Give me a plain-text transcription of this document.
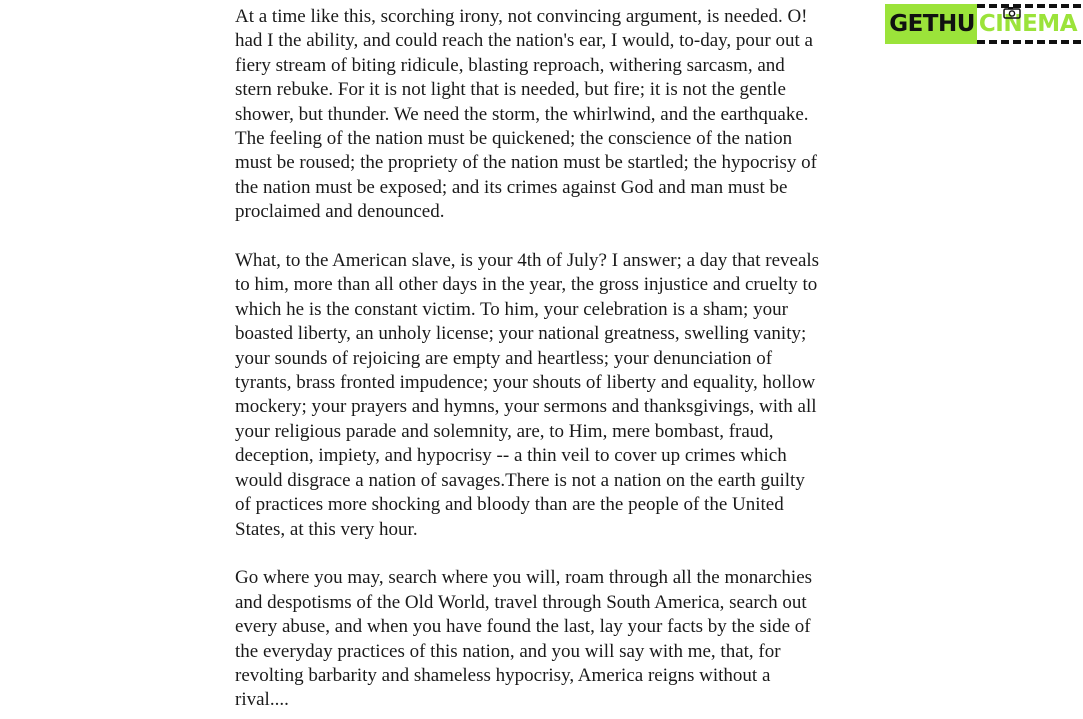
At a time like this, scorching irony, not convincing argument, is needed. O!
had I the ability, and could reach the nation's ear, I would, to-day, pour out a
fiery stream of biting ridicule, blasting reproach, withering sarcasm, and
stern rebuke. For it is not light that is needed, but fire; it is not the gentle
shower, but thunder. We need the storm, the whirlwind, and the earthquake.
The feeling of the nation must be quickened; the conscience of the nation
must be roused; the propriety of the nation must be startled; the hypocrisy of
the nation must be exposed; and its crimes against God and man must be
proclaimed and denounced.

What, to the American slave, is your 4th of July? I answer; a day that reveals
to him, more than all other days in the year, the gross injustice and cruelty to
which he is the constant victim. To him, your celebration is a sham; your
boasted liberty, an unholy license; your national greatness, swelling vanity;
your sounds of rejoicing are empty and heartless; your denunciation of
tyrants, brass fronted impudence; your shouts of liberty and equality, hollow
mockery; your prayers and hymns, your sermons and thanksgivings, with all
your religious parade and solemnity, are, to Him, mere bombast, fraud,
deception, impiety, and hypocrisy -- a thin veil to cover up crimes which
would disgrace a nation of savages.There is not a nation on the earth guilty
of practices more shocking and bloody than are the people of the United
States, at this very hour.

Go where you may, search where you will, roam through all the monarchies
and despotisms of the Old World, travel through South America, search out
every abuse, and when you have found the last, lay your facts by the side of
the everyday practices of this nation, and you will say with me, that, for
revolting barbarity and shameless hypocrisy, America reigns without a
rival....

GETHU CINEMA
